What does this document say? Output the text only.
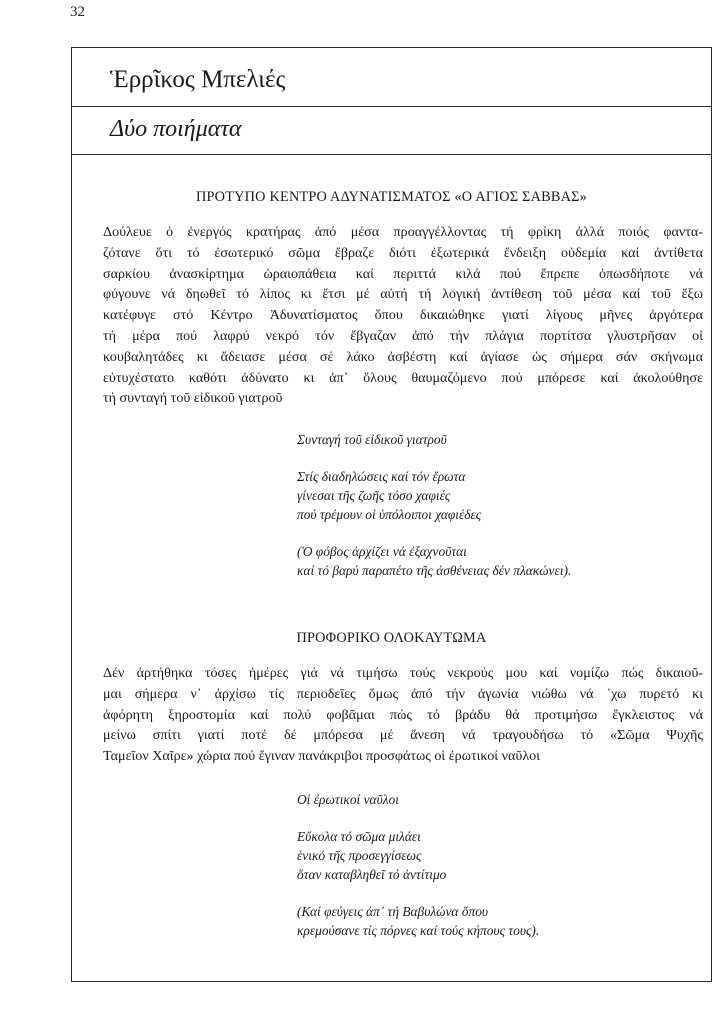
32
Ἑρρῖκος Μπελιές
Δύο ποιήματα
ΠΡΟΤΥΠΟ ΚΕΝΤΡΟ ΑΔΥΝΑΤΙΣΜΑΤΟΣ «Ο ΑΓΙΟΣ ΣΑΒΒΑΣ»
Δούλευε ὁ ἐνεργός κρατήρας ἀπό μέσα προαγγέλλοντας τή φρίκη ἀλλά ποιός φαντα-
ζότανε ὅτι τό ἐσωτερικό σῶμα ἔβραζε διότι ἐξωτερικά ἔνδειξη οὐδεμία καί ἀντίθετα
σαρκίου ἀνασκίρτημα ὡραιοπάθεια καί περιττά κιλά πού ἔπρεπε ὁπωσδήποτε νά
φύγουνε νά δηωθεῖ τό λίπος κι ἔτσι μέ αὐτή τή λογική ἀντίθεση τοῦ μέσα καί τοῦ ἔξω
κατέφυγε στό Κέντρο Ἀδυνατίσματος ὅπου δικαιώθηκε γιατί λίγους μῆνες ἀργότερα
τή μέρα πού λαφρύ νεκρό τόν ἔβγαζαν ἀπό τήν πλάγια πορτίτσα γλυστρῆσαν οἱ
κουβαλητάδες κι ἄδειασε μέσα σέ λάκο ἀσβέστη καί ἁγίασε ὡς σήμερα σάν σκήνωμα
εὐτυχέστατο καθότι ἀδύνατο κι ἀπ᾽ ὅλους θαυμαζόμενο πού μπόρεσε καί ἀκολούθησε
τή συνταγή τοῦ εἰδικοῦ γιατροῦ
Συνταγή τοῦ εἰδικοῦ γιατροῦ
Στίς διαδηλώσεις καί τόν ἔρωτα
γίνεσαι τῆς ζωῆς τόσο χαφιές
πού τρέμουν οἱ ὑπόλοιποι χαφιέδες
(Ὁ φόβος ἀρχίζει νά ἐξαχνοῦται
καί τό βαρύ παραπέτο τῆς ἀσθένειας δέν πλακώνει).
ΠΡΟΦΟΡΙΚΟ ΟΛΟΚΑΥΤΩΜΑ
Δέν ἀρτήθηκα τόσες ἡμέρες γιά νά τιμήσω τούς νεκρούς μου καί νομίζω πώς δικαιοῦ-
μαι σήμερα ν᾽ ἀρχίσω τίς περιοδεῖες ὅμως ἀπό τήν ἀγωνία νιώθω νά ᾽χω πυρετό κι
ἀφόρητη ξηροστομία καί πολύ φοβᾶμαι πώς τό βράδυ θά προτιμήσω ἔγκλειστος νά
μείνω σπίτι γιατί ποτέ δέ μπόρεσα μέ ἄνεση νά τραγουδήσω τό «Σῶμα Ψυχῆς
Ταμεῖον Χαῖρε» χώρια πού ἔγιναν πανάκριβοι προσφάτως οἱ ἐρωτικοί ναῦλοι
Οἱ ἐρωτικοί ναῦλοι
Εὔκολα τό σῶμα μιλάει
ἑνικό τῆς προσεγγίσεως
ὅταν καταβληθεῖ τό ἀντίτιμο
(Καί φεύγεις ἀπ᾽ τή Βαβυλώνα ὅπου
κρεμούσανε τίς πόρνες καί τούς κήπους τους).
